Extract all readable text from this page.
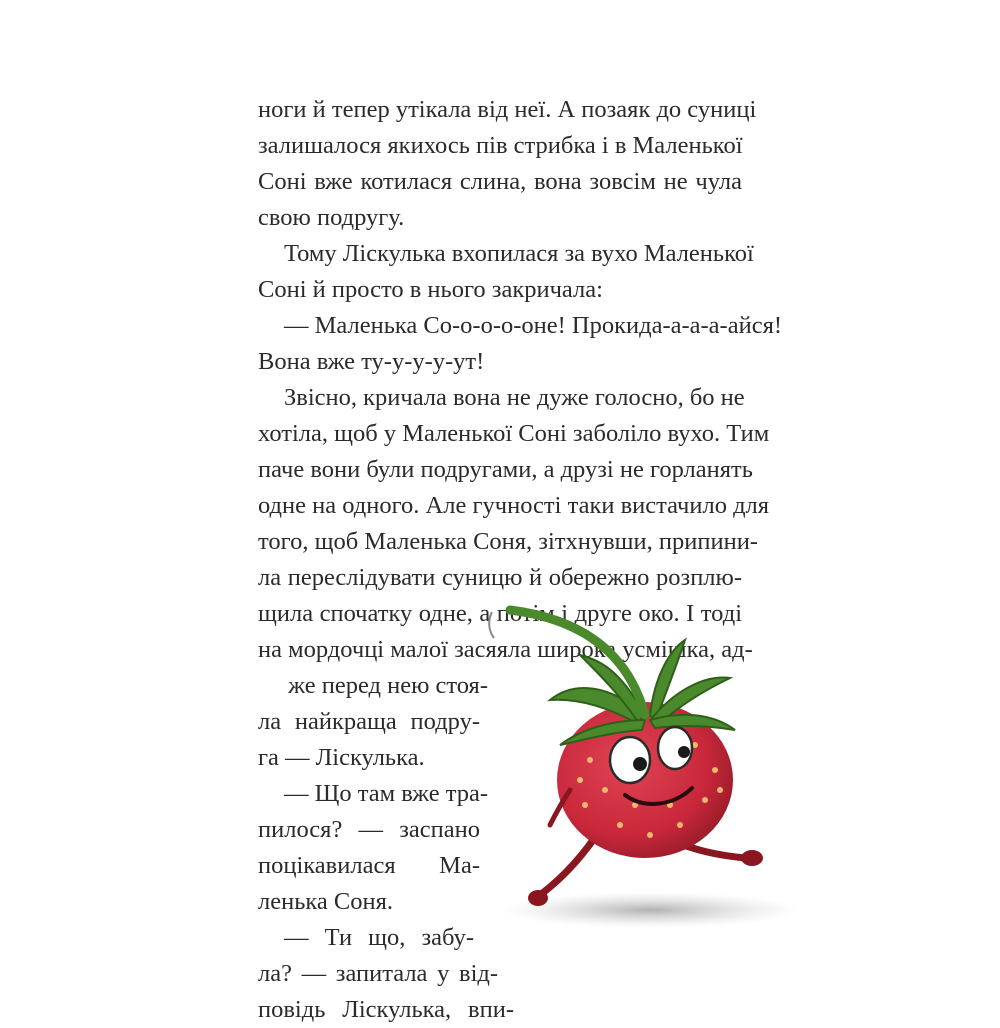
ноги й тепер утікала від неї. А позаяк до суниці
залишалося якихось пів стрибка і в Маленької
Соні вже котилася слина, вона зовсім не чула
свою подругу.
Тому Ліскулька вхопилася за вухо Маленької
Соні й просто в нього закричала:
— Маленька Со-о-о-о-оне! Прокида-а-а-а-айся!
Вона вже ту-у-у-у-ут!
Звісно, кричала вона не дуже голосно, бо не
хотіла, щоб у Маленької Соні заболіло вухо. Тим
паче вони були подругами, а друзі не горланять
одне на одного. Але гучності таки вистачило для
того, щоб Маленька Соня, зітхнувши, припини-
ла переслідувати суницю й обережно розплю-
щила спочатку одне, а потім і друге око. І тоді
на мордочці малої засяяла широка усмішка, ад-
же перед нею стоя-
ла найкраща подру-
га — Ліскулька.
— Що там вже тра-
пилося? — заспано
поцікавилася Ма-
ленька Соня.
— Ти що, забу-
ла? — запитала у від-
повідь Ліскулька, впи-
